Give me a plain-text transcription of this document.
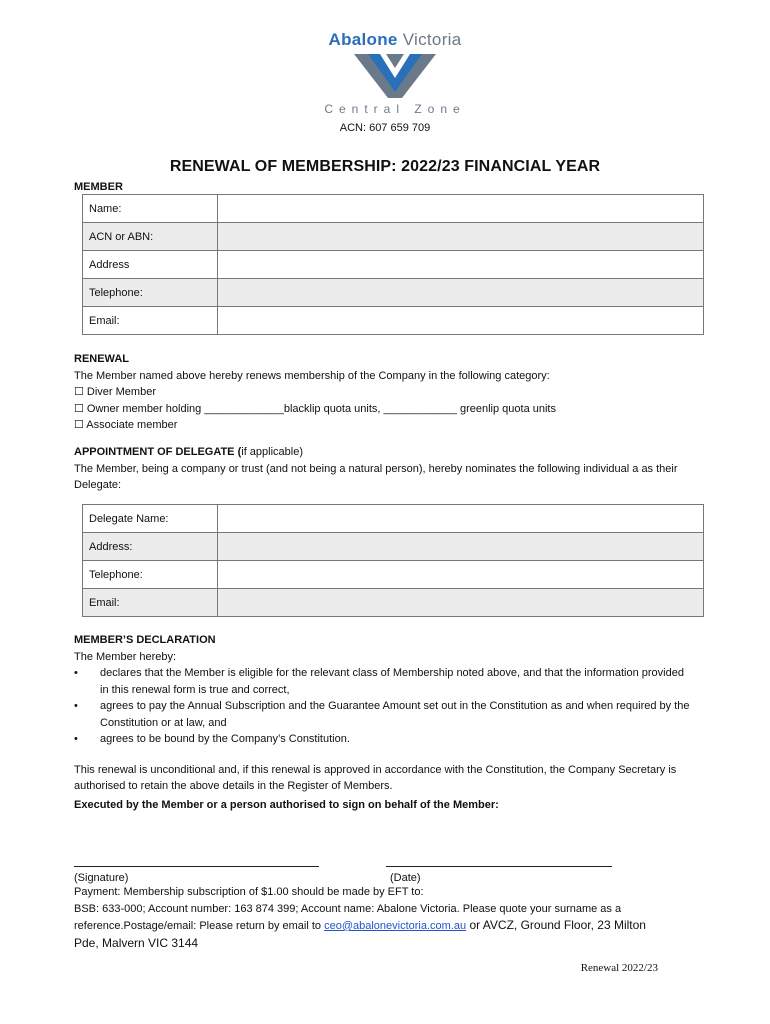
Abalone Victoria
Central Zone
ACN: 607 659 709
RENEWAL OF MEMBERSHIP: 2022/23 FINANCIAL YEAR
MEMBER
Name:	
ACN or ABN:	
Address	
Telephone:	
Email:	

RENEWAL

The Member named above hereby renews membership of the Company in the following category:

☐ Diver Member

☐ Owner member holding _____________blacklip quota units, ____________ greenlip quota units

☐ Associate member

APPOINTMENT OF DELEGATE (if applicable)

The Member, being a company or trust (and not being a natural person), hereby nominates the following individual a as their Delegate:

Delegate Name:	
Address:	
Telephone:	
Email:	

MEMBER’S DECLARATION

The Member hereby:

• declares that the Member is eligible for the relevant class of Membership noted above, and that the information provided in this renewal form is true and correct,
• agrees to pay the Annual Subscription and the Guarantee Amount set out in the Constitution as and when required by the Constitution or at law, and
• agrees to be bound by the Company’s Constitution.

This renewal is unconditional and, if this renewal is approved in accordance with the Constitution, the Company Secretary is authorised to retain the above details in the Register of Members.

Executed by the Member or a person authorised to sign on behalf of the Member:
(Signature)	(Date)

Payment: Membership subscription of $1.00 should be made by EFT to:

BSB: 633-000; Account number: 163 874 399; Account name: Abalone Victoria. Please quote your surname as a

reference.Postage/email: Please return by email to ceo@abalonevictoria.com.au or AVCZ, Ground Floor, 23 Milton

Pde, Malvern VIC 3144

Renewal 2022/23
